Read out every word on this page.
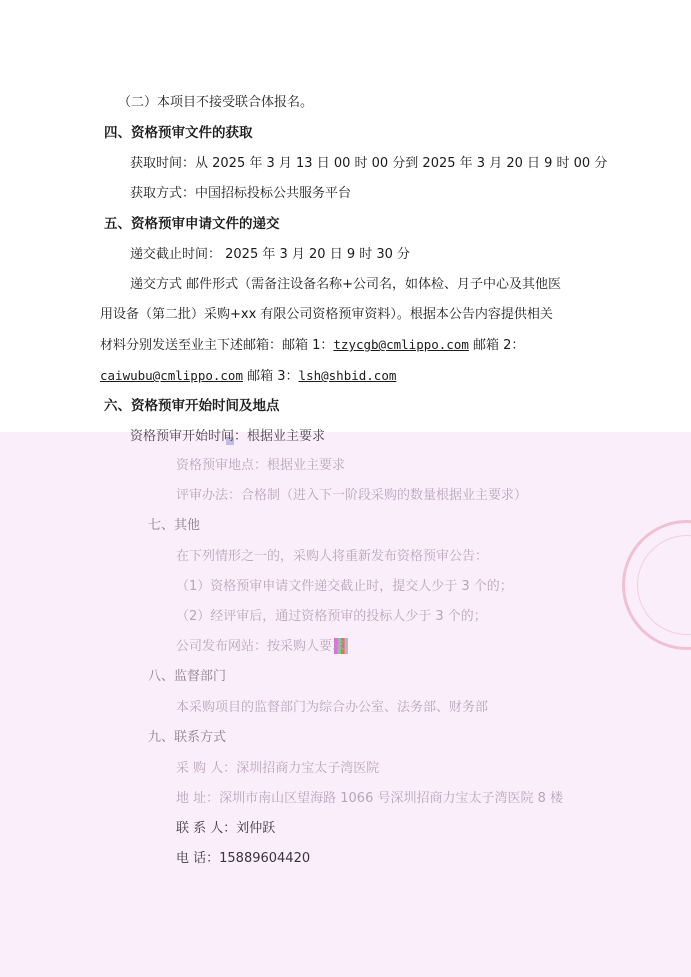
（二）本项目不接受联合体报名。
四、资格预审文件的获取
获取时间：从 2025 年 3 月 13 日 00 时 00 分到 2025 年 3 月 20 日 9 时 00 分
获取方式：中国招标投标公共服务平台
五、资格预审申请文件的递交
递交截止时间： 2025 年 3 月 20 日 9 时 30 分
递交方式 邮件形式（需备注设备名称+公司名，如体检、月子中心及其他医
用设备（第二批）采购+xx 有限公司资格预审资料）。根据本公告内容提供相关
材料分别发送至业主下述邮箱：邮箱 1：tzycgb@cmlippo.com 邮箱 2：
caiwubu@cmlippo.com 邮箱 3：lsh@shbid.com
六、资格预审开始时间及地点
资格预审开始时间：根据业主要求
资格预审地点：根据业主要求
评审办法：合格制（进入下一阶段采购的数量根据业主要求）
七、其他
在下列情形之一的，采购人将重新发布资格预审公告：
（1）资格预审申请文件递交截止时，提交人少于 3 个的；
（2）经评审后，通过资格预审的投标人少于 3 个的；
公司发布网站：按采购人要求
八、监督部门
本采购项目的监督部门为综合办公室、法务部、财务部
九、联系方式
采 购 人：深圳招商力宝太子湾医院
地 址：深圳市南山区望海路 1066 号深圳招商力宝太子湾医院 8 楼
联 系 人：刘仲跃
电 话：15889604420
